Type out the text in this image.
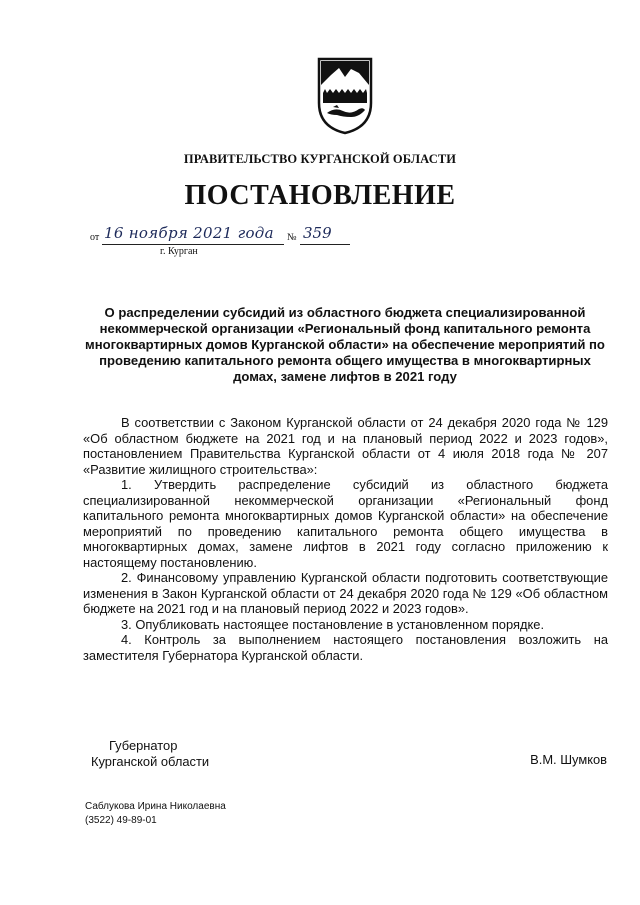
ПРАВИТЕЛЬСТВО КУРГАНСКОЙ ОБЛАСТИ
ПОСТАНОВЛЕНИЕ
от 16 ноября 2021 года № 359
г. Курган
О распределении субсидий из областного бюджета специализированной некоммерческой организации «Региональный фонд капитального ремонта многоквартирных домов Курганской области» на обеспечение мероприятий по проведению капитального ремонта общего имущества в многоквартирных домах, замене лифтов в 2021 году

В соответствии с Законом Курганской области от 24 декабря 2020 года № 129 «Об областном бюджете на 2021 год и на плановый период 2022 и 2023 годов», постановлением Правительства Курганской области от 4 июля 2018 года № 207 «Развитие жилищного строительства»:

1. Утвердить распределение субсидий из областного бюджета специализированной некоммерческой организации «Региональный фонд капитального ремонта многоквартирных домов Курганской области» на обеспечение мероприятий по проведению капитального ремонта общего имущества в многоквартирных домах, замене лифтов в 2021 году согласно приложению к настоящему постановлению.

2. Финансовому управлению Курганской области подготовить соответствующие изменения в Закон Курганской области от 24 декабря 2020 года № 129 «Об областном бюджете на 2021 год и на плановый период 2022 и 2023 годов».

3. Опубликовать настоящее постановление в установленном порядке.

4. Контроль за выполнением настоящего постановления возложить на заместителя Губернатора Курганской области.

Губернатор
Курганской области	В.М. Шумков
Саблукова Ирина Николаевна
(3522) 49-89-01
